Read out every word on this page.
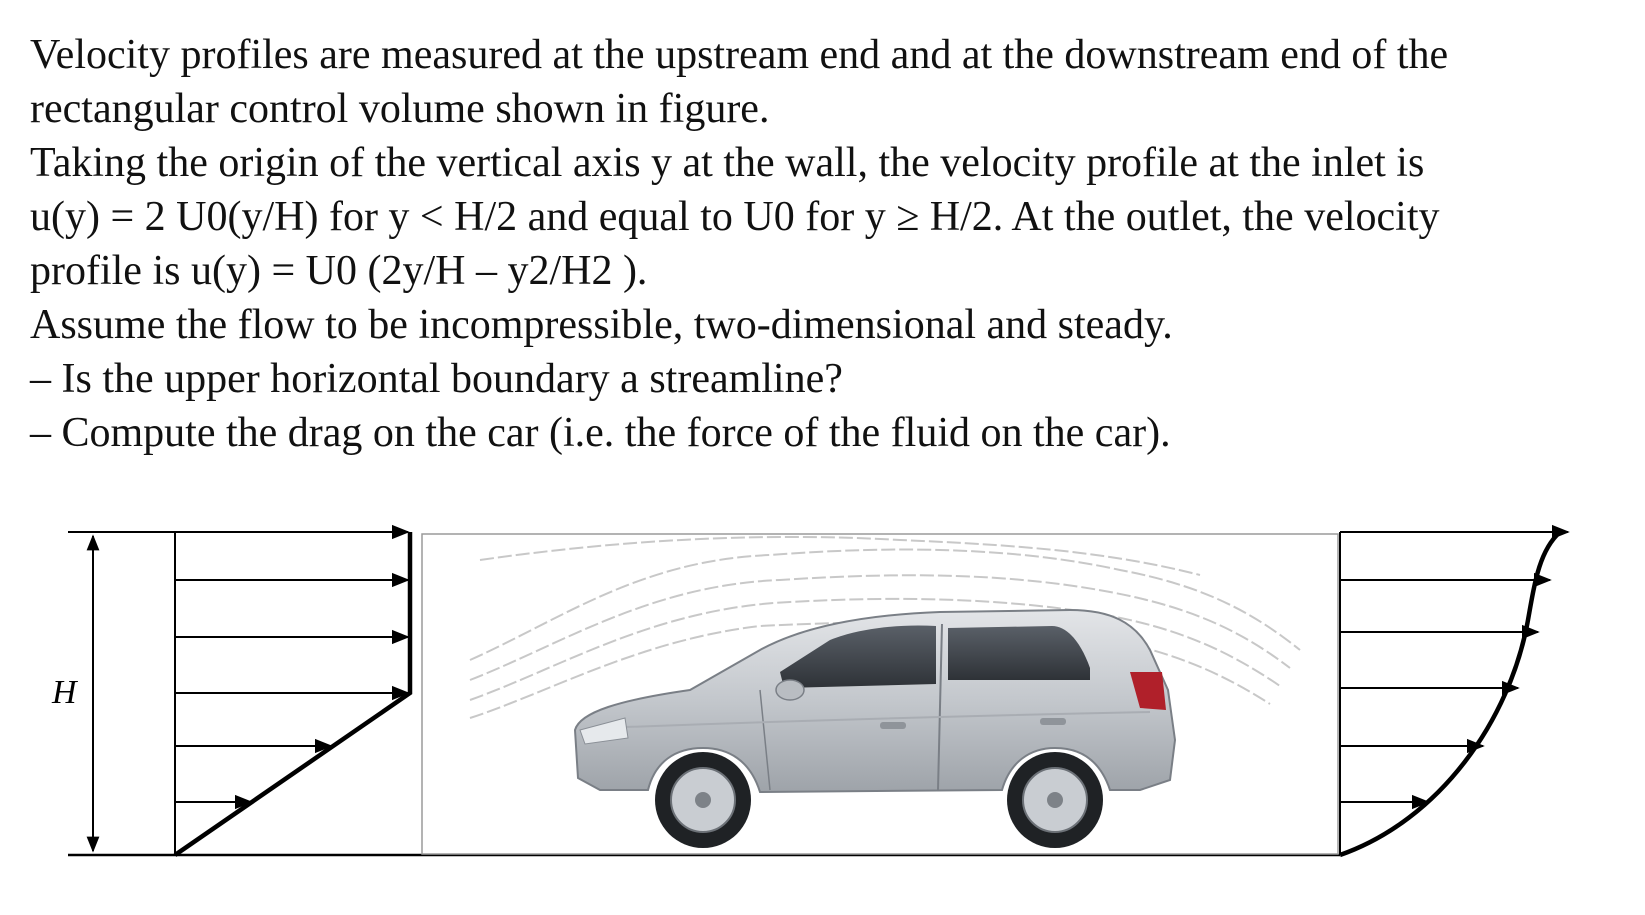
Velocity profiles are measured at the upstream end and at the downstream end of the
rectangular control volume shown in figure.
Taking the origin of the vertical axis y at the wall, the velocity profile at the inlet is
u(y) = 2 U0(y/H) for y < H/2 and equal to U0 for y ≥ H/2. At the outlet, the velocity
profile is u(y) = U0 (2y/H – y2/H2 ).
Assume the flow to be incompressible, two-dimensional and steady.
– Is the upper horizontal boundary a streamline?
– Compute the drag on the car (i.e. the force of the fluid on the car).
H
